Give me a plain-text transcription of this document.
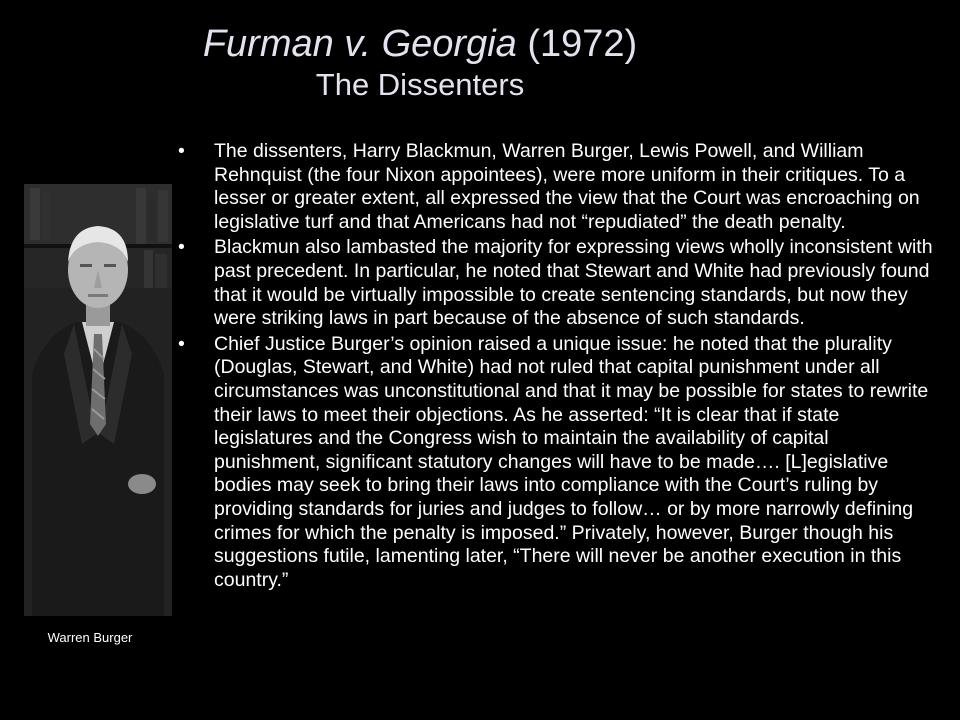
Furman v. Georgia (1972)
The Dissenters
Warren Burger
• The dissenters, Harry Blackmun, Warren Burger, Lewis Powell, and William Rehnquist (the four Nixon appointees), were more uniform in their critiques. To a lesser or greater extent, all expressed the view that the Court was encroaching on legislative turf and that Americans had not “repudiated” the death penalty.
• Blackmun also lambasted the majority for expressing views wholly inconsistent with past precedent. In particular, he noted that Stewart and White had previously found that it would be virtually impossible to create sentencing standards, but now they were striking laws in part because of the absence of such standards.
• Chief Justice Burger’s opinion raised a unique issue: he noted that the plurality (Douglas, Stewart, and White) had not ruled that capital punishment under all circumstances was unconstitutional and that it may be possible for states to rewrite their laws to meet their objections. As he asserted: “It is clear that if state legislatures and the Congress wish to maintain the availability of capital punishment, significant statutory changes will have to be made…. [L]egislative bodies may seek to bring their laws into compliance with the Court’s ruling by providing standards for juries and judges to follow… or by more narrowly defining crimes for which the penalty is imposed.” Privately, however, Burger though his suggestions futile, lamenting later, “There will never be another execution in this country.”
